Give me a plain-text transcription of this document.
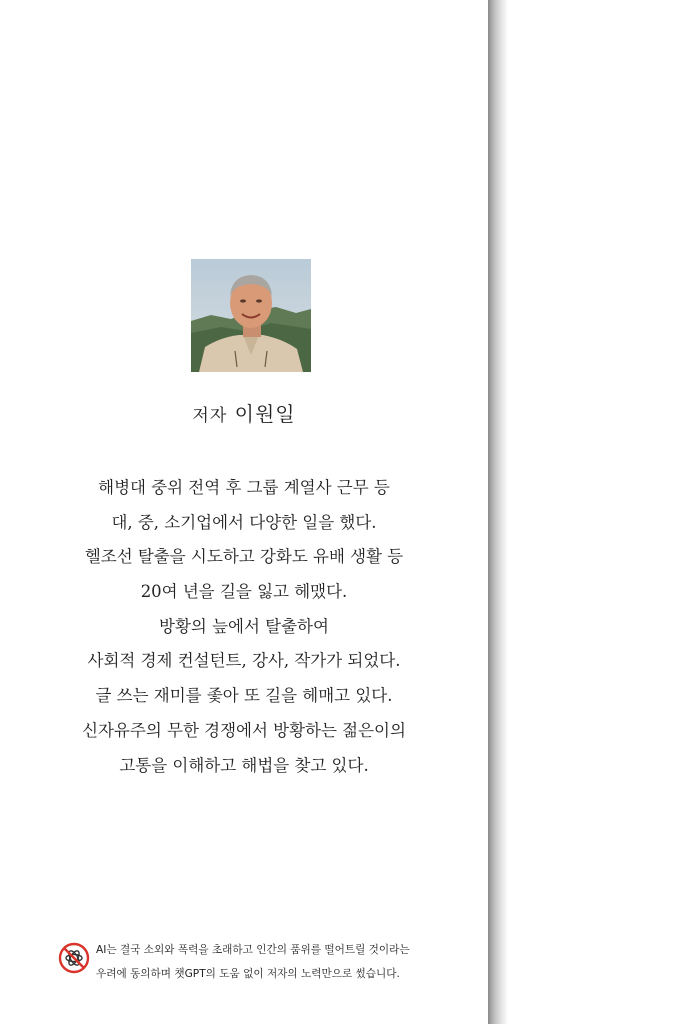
저자 이원일
해병대 중위 전역 후 그룹 계열사 근무 등
대, 중, 소기업에서 다양한 일을 했다.
헬조선 탈출을 시도하고 강화도 유배 생활 등
20여 년을 길을 잃고 헤맸다.
방황의 늪에서 탈출하여
사회적 경제 컨설턴트, 강사, 작가가 되었다.
글 쓰는 재미를 좇아 또 길을 헤매고 있다.
신자유주의 무한 경쟁에서 방황하는 젊은이의
고통을 이해하고 해법을 찾고 있다.
AI는 결국 소외와 폭력을 초래하고 인간의 품위를 떨어트릴 것이라는
우려에 동의하며 챗GPT의 도움 없이 저자의 노력만으로 썼습니다.
